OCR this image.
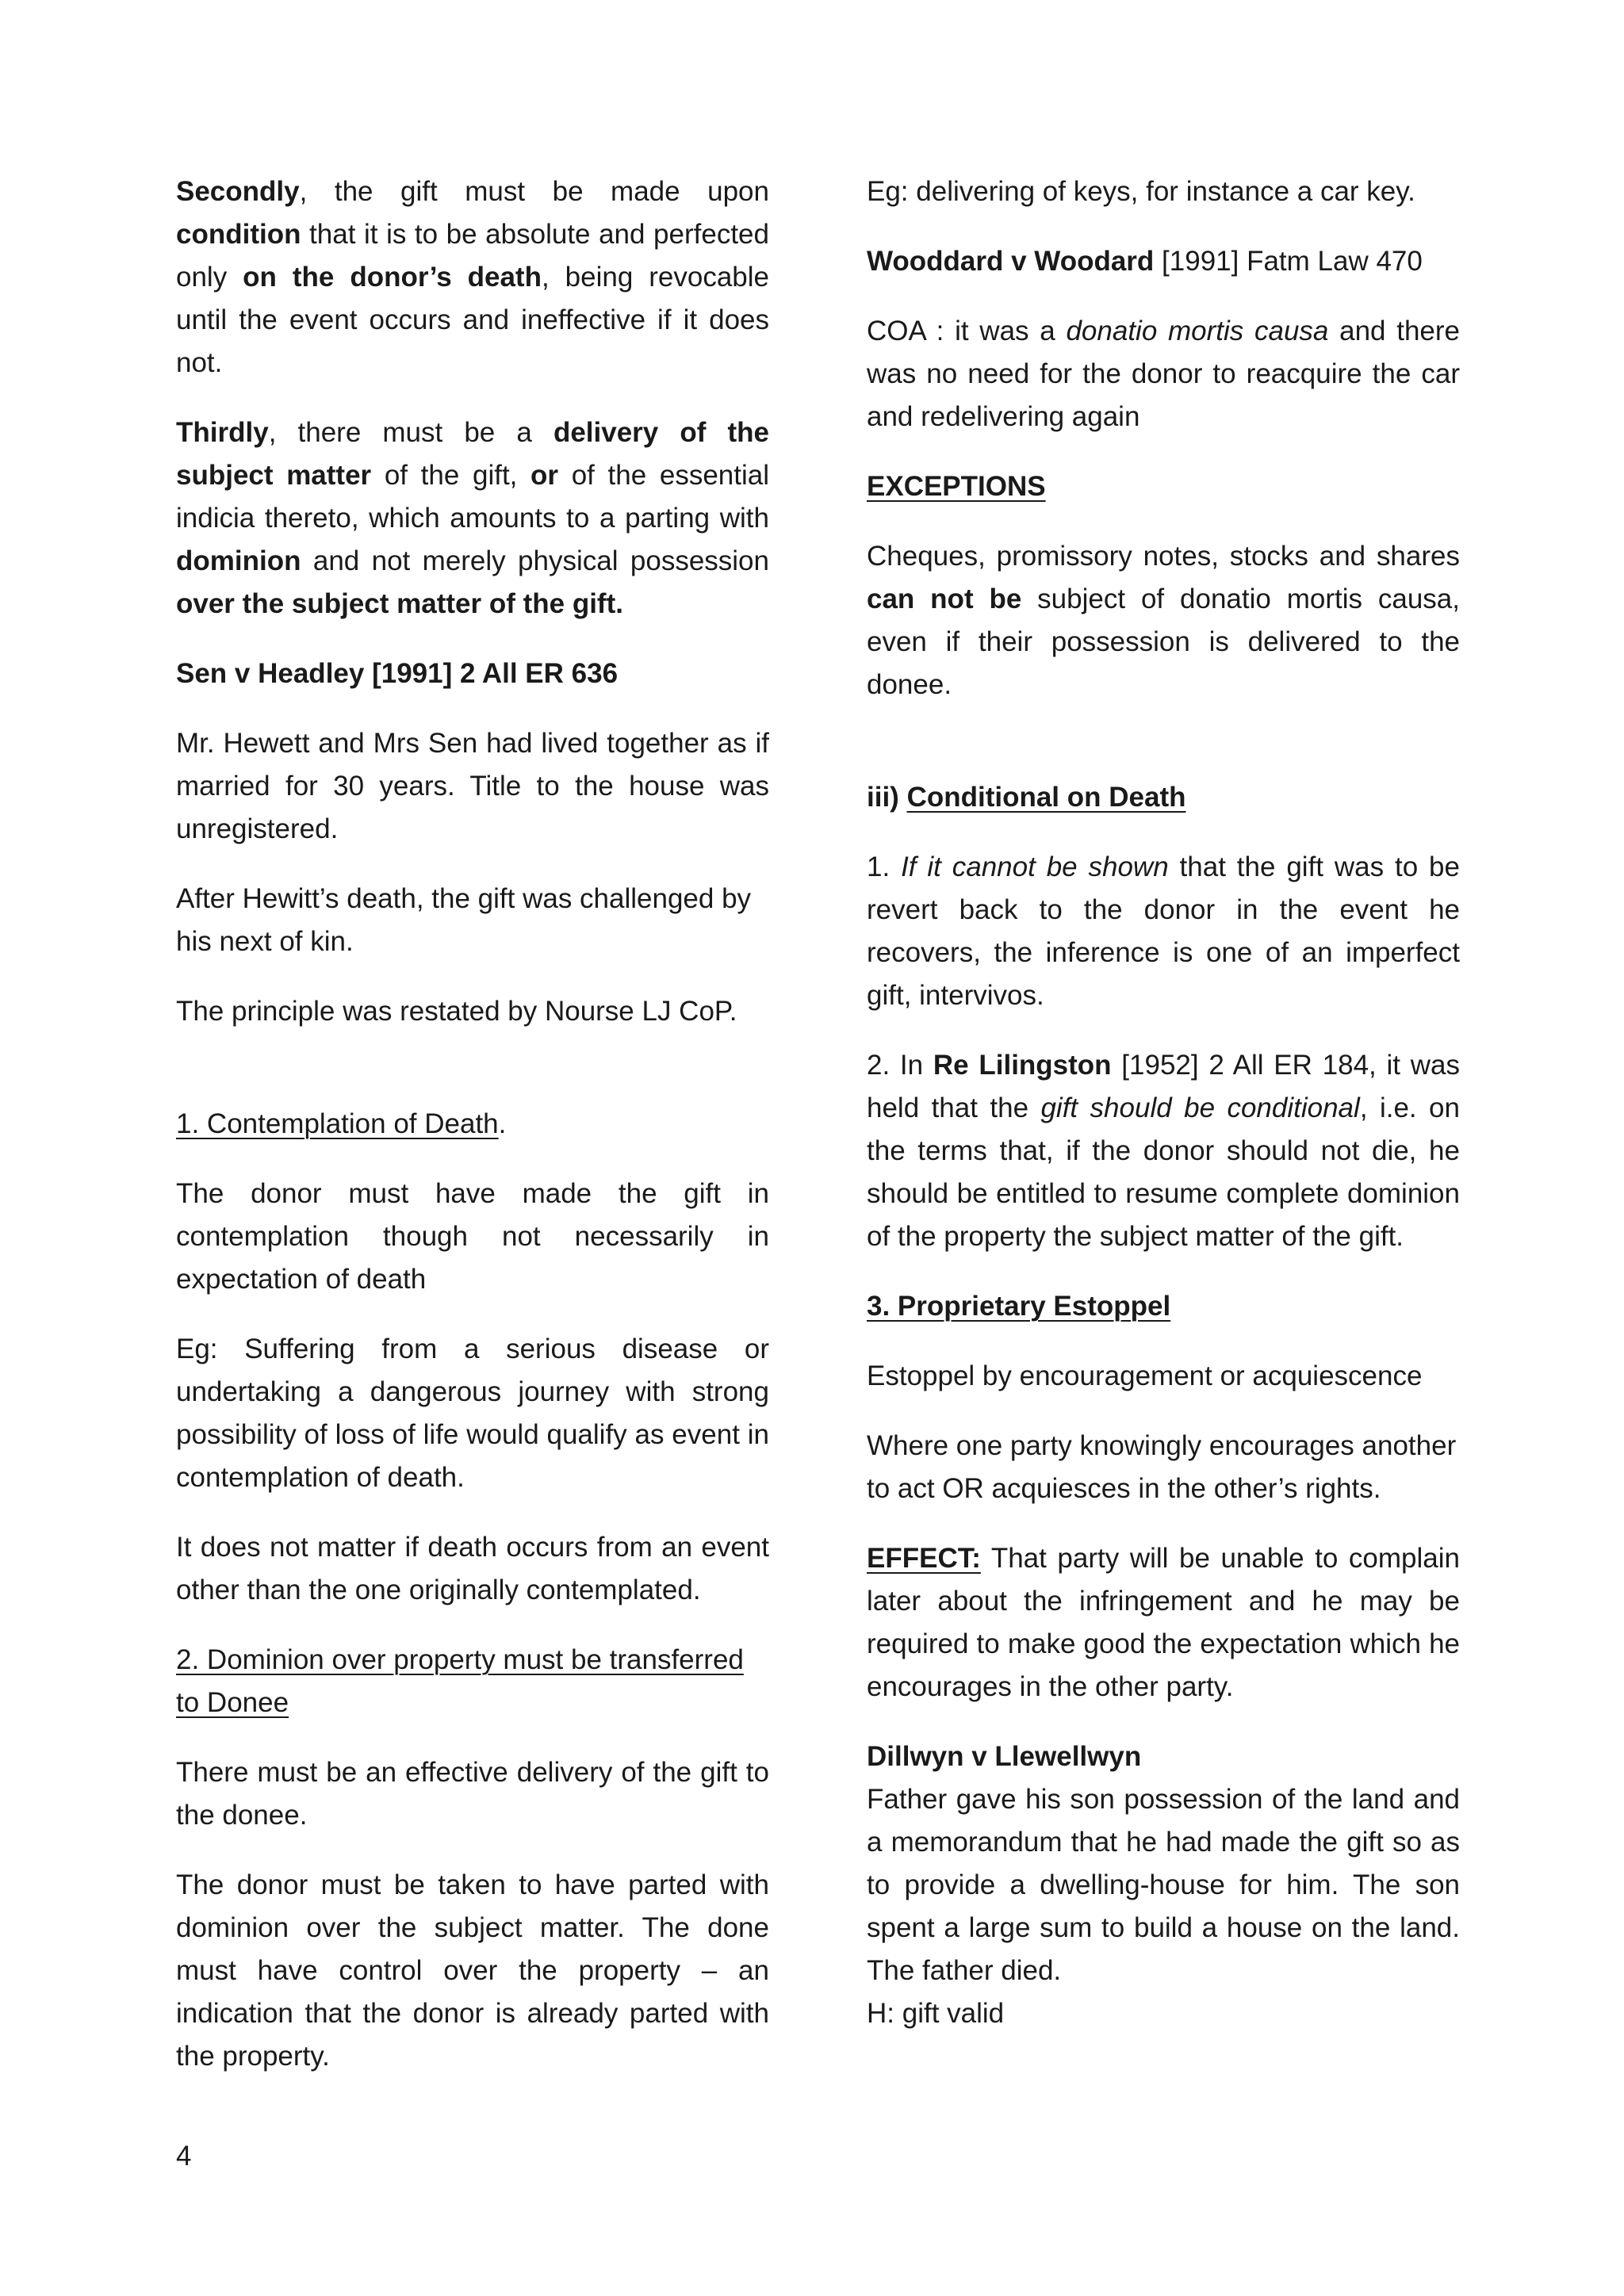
Secondly, the gift must be made upon condition that it is to be absolute and perfected only on the donor’s death, being revocable until the event occurs and ineffective if it does not.

Thirdly, there must be a delivery of the subject matter of the gift, or of the essential indicia thereto, which amounts to a parting with dominion and not merely physical possession over the subject matter of the gift.

Sen v Headley [1991] 2 All ER 636

Mr. Hewett and Mrs Sen had lived together as if married for 30 years. Title to the house was unregistered.

After Hewitt’s death, the gift was challenged by his next of kin.

The principle was restated by Nourse LJ CoP.

1. Contemplation of Death.

The donor must have made the gift in contemplation though not necessarily in expectation of death

Eg: Suffering from a serious disease or undertaking a dangerous journey with strong possibility of loss of life would qualify as event in contemplation of death.

It does not matter if death occurs from an event other than the one originally contemplated.

2. Dominion over property must be transferred to Donee

There must be an effective delivery of the gift to the donee.

The donor must be taken to have parted with dominion over the subject matter. The done must have control over the property – an indication that the donor is already parted with the property.

Eg: delivering of keys, for instance a car key.

Wooddard v Woodard [1991] Fatm Law 470

COA : it was a donatio mortis causa and there was no need for the donor to reacquire the car and redelivering again

EXCEPTIONS

Cheques, promissory notes, stocks and shares can not be subject of donatio mortis causa, even if their possession is delivered to the donee.

iii) Conditional on Death

1. If it cannot be shown that the gift was to be revert back to the donor in the event he recovers, the inference is one of an imperfect gift, intervivos.

2. In Re Lilingston [1952] 2 All ER 184, it was held that the gift should be conditional, i.e. on the terms that, if the donor should not die, he should be entitled to resume complete dominion of the property the subject matter of the gift.

3. Proprietary Estoppel

Estoppel by encouragement or acquiescence

Where one party knowingly encourages another to act OR acquiesces in the other’s rights.

EFFECT: That party will be unable to complain later about the infringement and he may be required to make good the expectation which he encourages in the other party.

Dillwyn v Llewellwyn

Father gave his son possession of the land and a memorandum that he had made the gift so as to provide a dwelling-house for him. The son spent a large sum to build a house on the land. The father died.

H: gift valid

4
